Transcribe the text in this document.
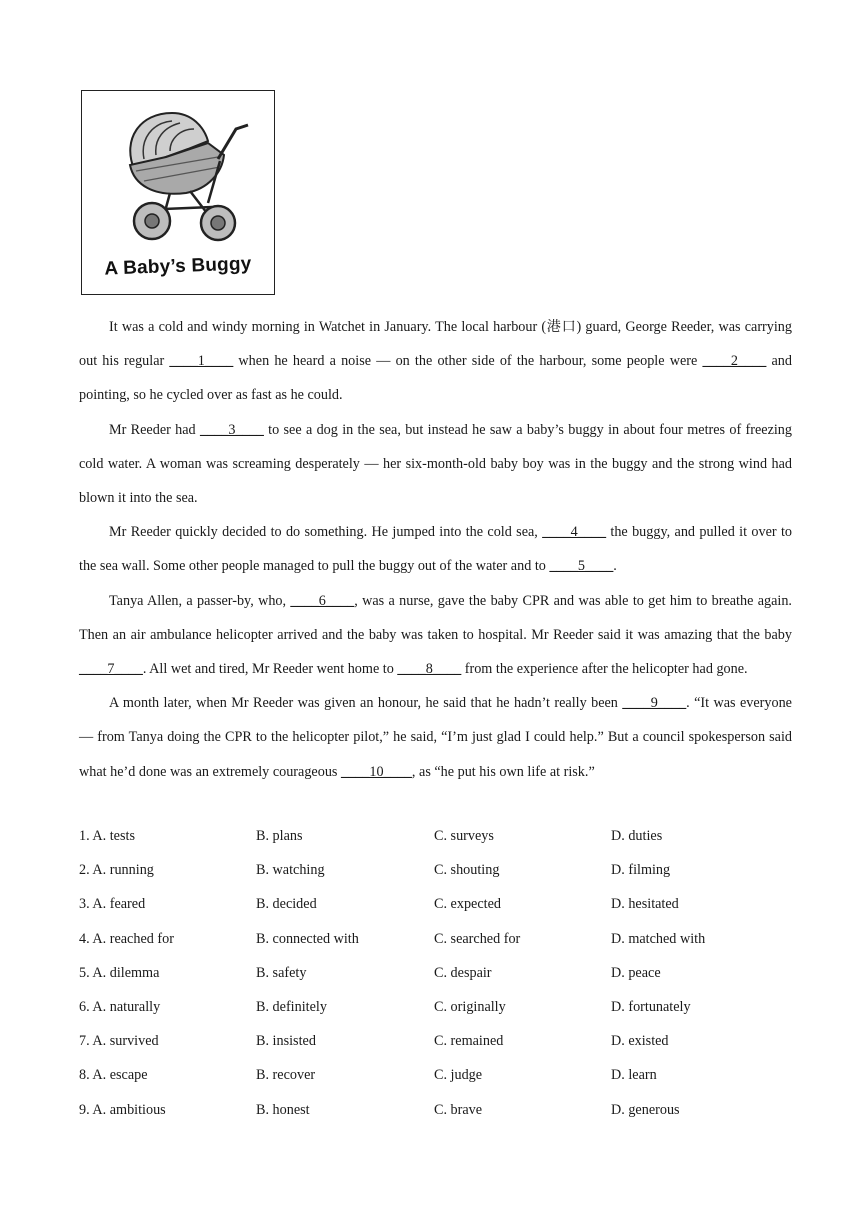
A Baby’s Buggy

It was a cold and windy morning in Watchet in January. The local harbour (港口) guard, George Reeder, was carrying out his regular ____1____ when he heard a noise — on the other side of the harbour, some people were ____2____ and pointing, so he cycled over as fast as he could.

Mr Reeder had ____3____ to see a dog in the sea, but instead he saw a baby’s buggy in about four metres of freezing cold water. A woman was screaming desperately — her six-month-old baby boy was in the buggy and the strong wind had blown it into the sea.

Mr Reeder quickly decided to do something. He jumped into the cold sea, ____4____ the buggy, and pulled it over to the sea wall. Some other people managed to pull the buggy out of the water and to ____5____.

Tanya Allen, a passer-by, who, ____6____, was a nurse, gave the baby CPR and was able to get him to breathe again. Then an air ambulance helicopter arrived and the baby was taken to hospital. Mr Reeder said it was amazing that the baby ____7____. All wet and tired, Mr Reeder went home to ____8____ from the experience after the helicopter had gone.

A month later, when Mr Reeder was given an honour, he said that he hadn’t really been ____9____. “It was everyone — from Tanya doing the CPR to the helicopter pilot,” he said, “I’m just glad I could help.” But a council spokesperson said what he’d done was an extremely courageous ____10____, as “he put his own life at risk.”

1. A. tests	B. plans	C. surveys	D. duties
2. A. running	B. watching	C. shouting	D. filming
3. A. feared	B. decided	C. expected	D. hesitated
4. A. reached for	B. connected with	C. searched for	D. matched with
5. A. dilemma	B. safety	C. despair	D. peace
6. A. naturally	B. definitely	C. originally	D. fortunately
7. A. survived	B. insisted	C. remained	D. existed
8. A. escape	B. recover	C. judge	D. learn
9. A. ambitious	B. honest	C. brave	D. generous
